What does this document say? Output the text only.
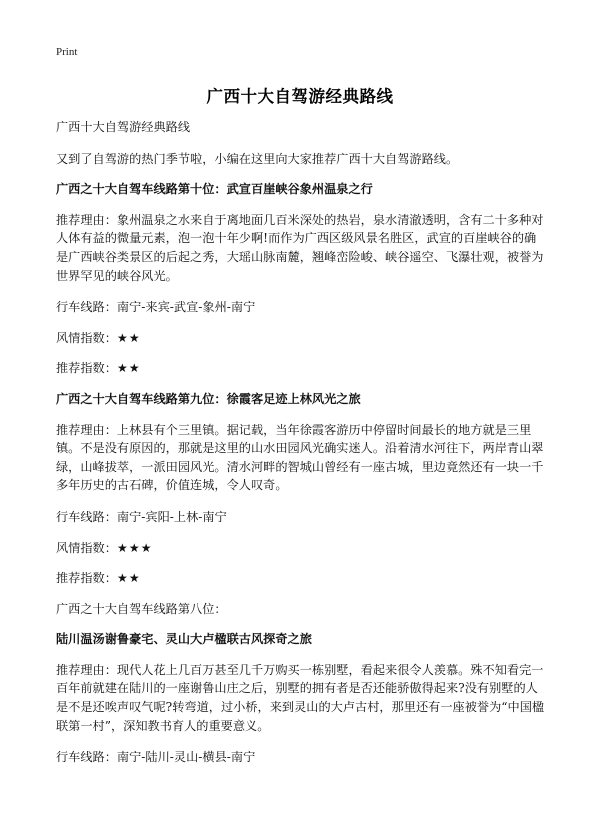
Print
广西十大自驾游经典路线

广西十大自驾游经典路线

又到了自驾游的热门季节啦，小编在这里向大家推荐广西十大自驾游路线。

广西之十大自驾车线路第十位：武宣百崖峡谷象州温泉之行

推荐理由：象州温泉之水来自于离地面几百米深处的热岩，泉水清澈透明，含有二十多种对人体有益的微量元素，泡一泡十年少啊!而作为广西区级风景名胜区，武宣的百崖峡谷的确是广西峡谷类景区的后起之秀，大瑶山脉南麓，翘峰峦险峻、峡谷遥空、飞瀑壮观，被誉为世界罕见的峡谷风光。

行车线路：南宁-来宾-武宣-象州-南宁

风情指数：★★

推荐指数：★★

广西之十大自驾车线路第九位：徐霞客足迹上林风光之旅

推荐理由：上林县有个三里镇。据记载，当年徐霞客游历中停留时间最长的地方就是三里镇。不是没有原因的，那就是这里的山水田园风光确实迷人。沿着清水河往下，两岸青山翠绿，山峰拔萃，一派田园风光。清水河畔的智城山曾经有一座古城，里边竟然还有一块一千多年历史的古石碑，价值连城，令人叹奇。

行车线路：南宁-宾阳-上林-南宁

风情指数：★★★

推荐指数：★★

广西之十大自驾车线路第八位：

陆川温汤谢鲁豪宅、灵山大卢楹联古风探奇之旅

推荐理由：现代人花上几百万甚至几千万购买一栋别墅，看起来很令人羡慕。殊不知看完一百年前就建在陆川的一座谢鲁山庄之后，别墅的拥有者是否还能骄傲得起来?没有别墅的人是不是还唉声叹气呢?转弯道，过小桥，来到灵山的大卢古村，那里还有一座被誉为“中国楹联第一村”，深知教书育人的重要意义。

行车线路：南宁-陆川-灵山-横县-南宁
